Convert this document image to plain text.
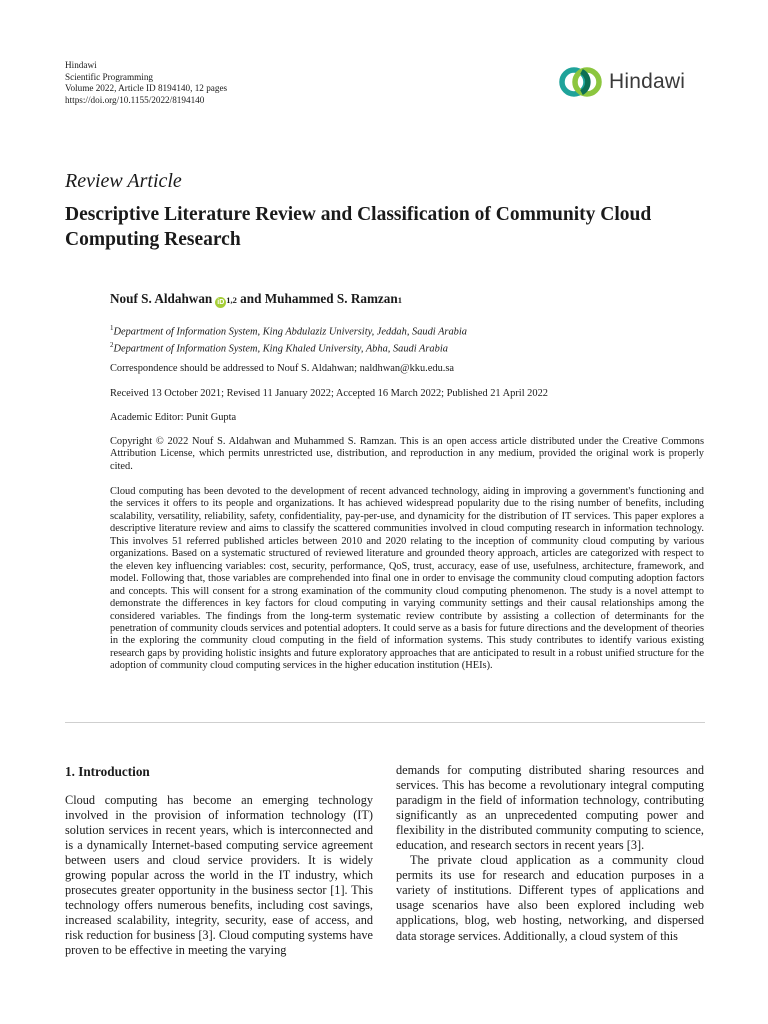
Hindawi
Scientific Programming
Volume 2022, Article ID 8194140, 12 pages
https://doi.org/10.1155/2022/8194140
Hindawi
Review Article
Descriptive Literature Review and Classification of Community Cloud Computing Research
Nouf S. Aldahwan iD 1,2 and Muhammed S. Ramzan 1
$^1$Department of Information System, King Abdulaziz University, Jeddah, Saudi Arabia
$^2$Department of Information System, King Khaled University, Abha, Saudi Arabia
Correspondence should be addressed to Nouf S. Aldahwan; naldhwan@kku.edu.sa
Received 13 October 2021; Revised 11 January 2022; Accepted 16 March 2022; Published 21 April 2022
Academic Editor: Punit Gupta
Copyright © 2022 Nouf S. Aldahwan and Muhammed S. Ramzan. This is an open access article distributed under the Creative Commons Attribution License, which permits unrestricted use, distribution, and reproduction in any medium, provided the original work is properly cited.
Cloud computing has been devoted to the development of recent advanced technology, aiding in improving a government's functioning and the services it offers to its people and organizations. It has achieved widespread popularity due to the rising number of benefits, including scalability, versatility, reliability, safety, confidentiality, pay-per-use, and dynamicity for the distribution of IT services. This paper explores a descriptive literature review and aims to classify the scattered communities involved in cloud computing research in information technology. This involves 51 referred published articles between 2010 and 2020 relating to the inception of community cloud computing by various organizations. Based on a systematic structured of reviewed literature and grounded theory approach, articles are categorized with respect to the eleven key influencing variables: cost, security, performance, QoS, trust, accuracy, ease of use, usefulness, architecture, framework, and model. Following that, those variables are comprehended into final one in order to envisage the community cloud computing adoption factors and concepts. This will consent for a strong examination of the community cloud computing phenomenon. The study is a novel attempt to demonstrate the differences in key factors for cloud computing in varying community settings and their causal relationships among the considered variables. The findings from the long-term systematic review contribute by assisting a collection of determinants for the penetration of community clouds services and potential adopters. It could serve as a basis for future directions and the development of theories in the exploring the community cloud computing in the field of information systems. This study contributes to identify various existing research gaps by providing holistic insights and future exploratory approaches that are anticipated to result in a robust unified structure for the adoption of community cloud computing services in the higher education institution (HEIs).
1. Introduction

Cloud computing has become an emerging technology involved in the provision of information technology (IT) solution services in recent years, which is interconnected and is a dynamically Internet-based computing service agreement between users and cloud service providers. It is widely growing popular across the world in the IT industry, which prosecutes greater opportunity in the business sector [1]. This technology offers numerous benefits, including cost savings, increased scalability, integrity, security, ease of access, and risk reduction for business [3]. Cloud computing systems have proven to be effective in meeting the varying

demands for computing distributed sharing resources and services. This has become a revolutionary integral computing paradigm in the field of information technology, contributing significantly as an unprecedented computing power and flexibility in the distributed community computing to science, education, and research sectors in recent years [3].

The private cloud application as a community cloud permits its use for research and education purposes in a variety of institutions. Different types of applications and usage scenarios have also been explored including web applications, blog, web hosting, networking, and dispersed data storage services. Additionally, a cloud system of this
